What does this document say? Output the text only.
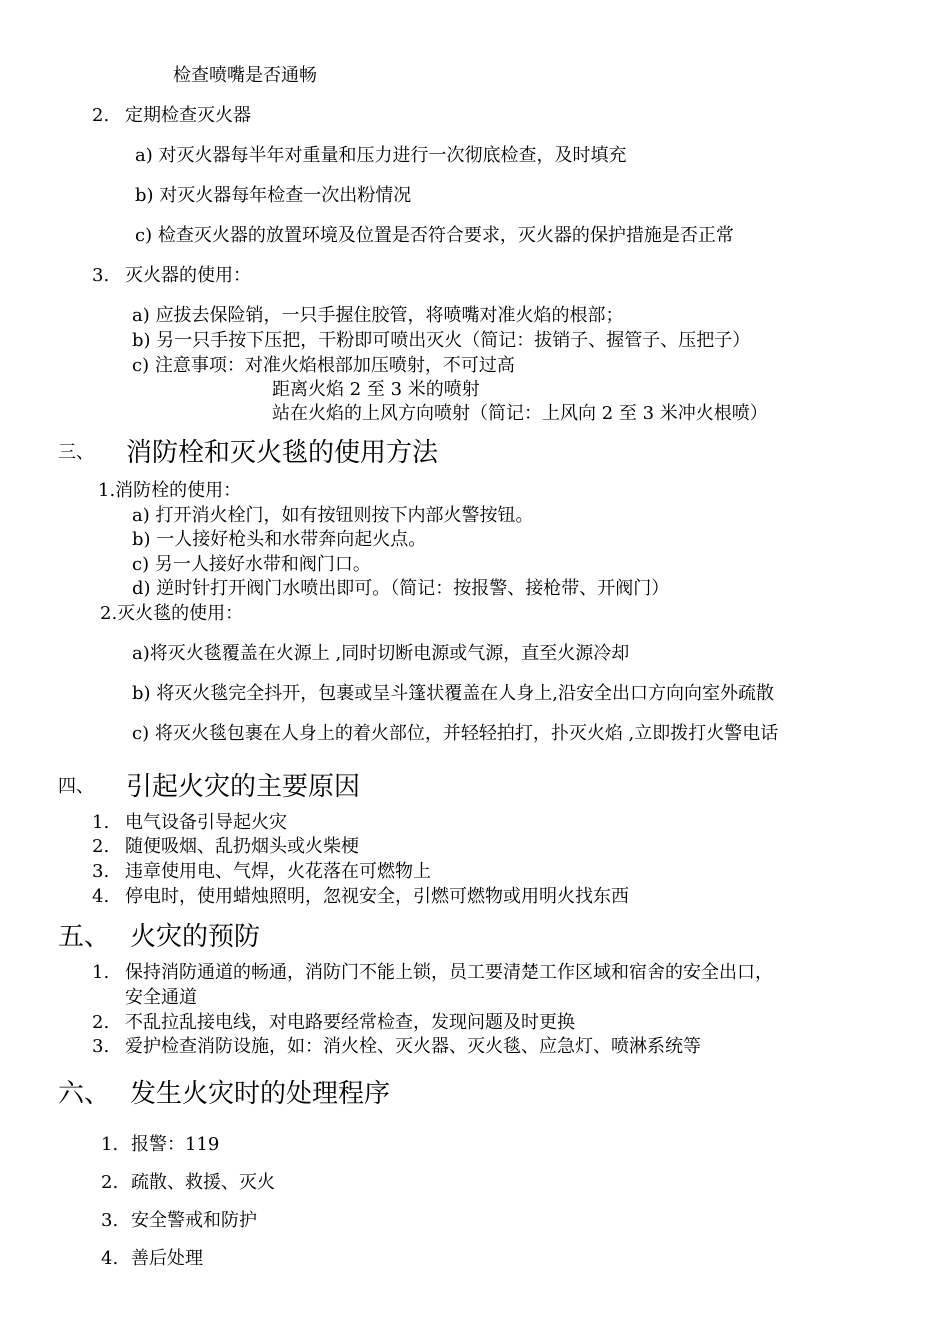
检查喷嘴是否通畅
2. 定期检查灭火器
a) 对灭火器每半年对重量和压力进行一次彻底检查，及时填充
b) 对灭火器每年检查一次出粉情况
c) 检查灭火器的放置环境及位置是否符合要求，灭火器的保护措施是否正常
3. 灭火器的使用：
a) 应拔去保险销，一只手握住胶管，将喷嘴对准火焰的根部；
b) 另一只手按下压把，干粉即可喷出灭火（简记：拔销子、握管子、压把子）
c) 注意事项：对准火焰根部加压喷射，不可过高
距离火焰 2 至 3 米的喷射
站在火焰的上风方向喷射（简记：上风向 2 至 3 米冲火根喷）
三、 消防栓和灭火毯的使用方法
1.消防栓的使用：
a) 打开消火栓门，如有按钮则按下内部火警按钮。
b) 一人接好枪头和水带奔向起火点。
c) 另一人接好水带和阀门口。
d) 逆时针打开阀门水喷出即可。（简记：按报警、接枪带、开阀门）
2.灭火毯的使用：
a)将灭火毯覆盖在火源上 ,同时切断电源或气源，直至火源冷却
b) 将灭火毯完全抖开，包裹或呈斗篷状覆盖在人身上,沿安全出口方向向室外疏散
c) 将灭火毯包裹在人身上的着火部位，并轻轻拍打，扑灭火焰 ,立即拨打火警电话
四、 引起火灾的主要原因
1. 电气设备引导起火灾
2. 随便吸烟、乱扔烟头或火柴梗
3. 违章使用电、气焊，火花落在可燃物上
4. 停电时，使用蜡烛照明，忽视安全，引燃可燃物或用明火找东西
五、 火灾的预防
1. 保持消防通道的畅通，消防门不能上锁，员工要清楚工作区域和宿舍的安全出口，
安全通道
2. 不乱拉乱接电线，对电路要经常检查，发现问题及时更换
3. 爱护检查消防设施，如：消火栓、灭火器、灭火毯、应急灯、喷淋系统等
六、 发生火灾时的处理程序
1. 报警：119
2. 疏散、救援、灭火
3. 安全警戒和防护
4. 善后处理
